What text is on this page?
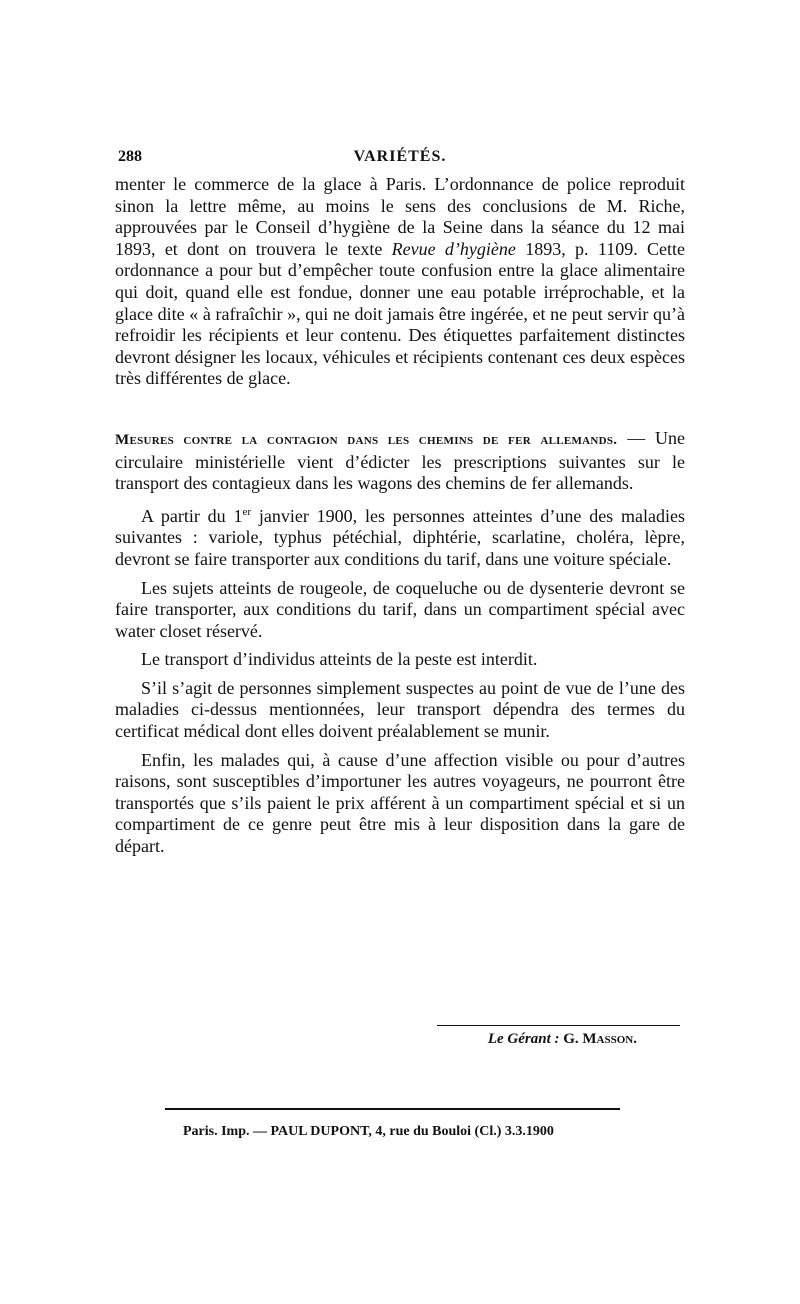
288	VARIÉTÉS.

menter le commerce de la glace à Paris. L’ordonnance de police reproduit sinon la lettre même, au moins le sens des conclusions de M. Riche, approuvées par le Conseil d’hygiène de la Seine dans la séance du 12 mai 1893, et dont on trouvera le texte Revue d’hygiène 1893, p. 1109. Cette ordonnance a pour but d’empêcher toute confusion entre la glace alimentaire qui doit, quand elle est fondue, donner une eau potable irréprochable, et la glace dite « à rafraîchir », qui ne doit jamais être ingérée, et ne peut servir qu’à refroidir les récipients et leur contenu. Des étiquettes parfaitement distinctes devront désigner les locaux, véhicules et récipients contenant ces deux espèces très différentes de glace.

Mesures contre la contagion dans les chemins de fer allemands. — Une circulaire ministérielle vient d’édicter les prescriptions suivantes sur le transport des contagieux dans les wagons des chemins de fer allemands.

A partir du 1er janvier 1900, les personnes atteintes d’une des maladies suivantes : variole, typhus pétéchial, diphtérie, scarlatine, choléra, lèpre, devront se faire transporter aux conditions du tarif, dans une voiture spéciale.

Les sujets atteints de rougeole, de coqueluche ou de dysenterie devront se faire transporter, aux conditions du tarif, dans un compartiment spécial avec water closet réservé.

Le transport d’individus atteints de la peste est interdit.

S’il s’agit de personnes simplement suspectes au point de vue de l’une des maladies ci-dessus mentionnées, leur transport dépendra des termes du certificat médical dont elles doivent préalablement se munir.

Enfin, les malades qui, à cause d’une affection visible ou pour d’autres raisons, sont susceptibles d’importuner les autres voyageurs, ne pourront être transportés que s’ils paient le prix afférent à un compartiment spécial et si un compartiment de ce genre peut être mis à leur disposition dans la gare de départ.

Le Gérant : G. Masson.
Paris. Imp. — PAUL DUPONT, 4, rue du Bouloi (Cl.) 3.3.1900
